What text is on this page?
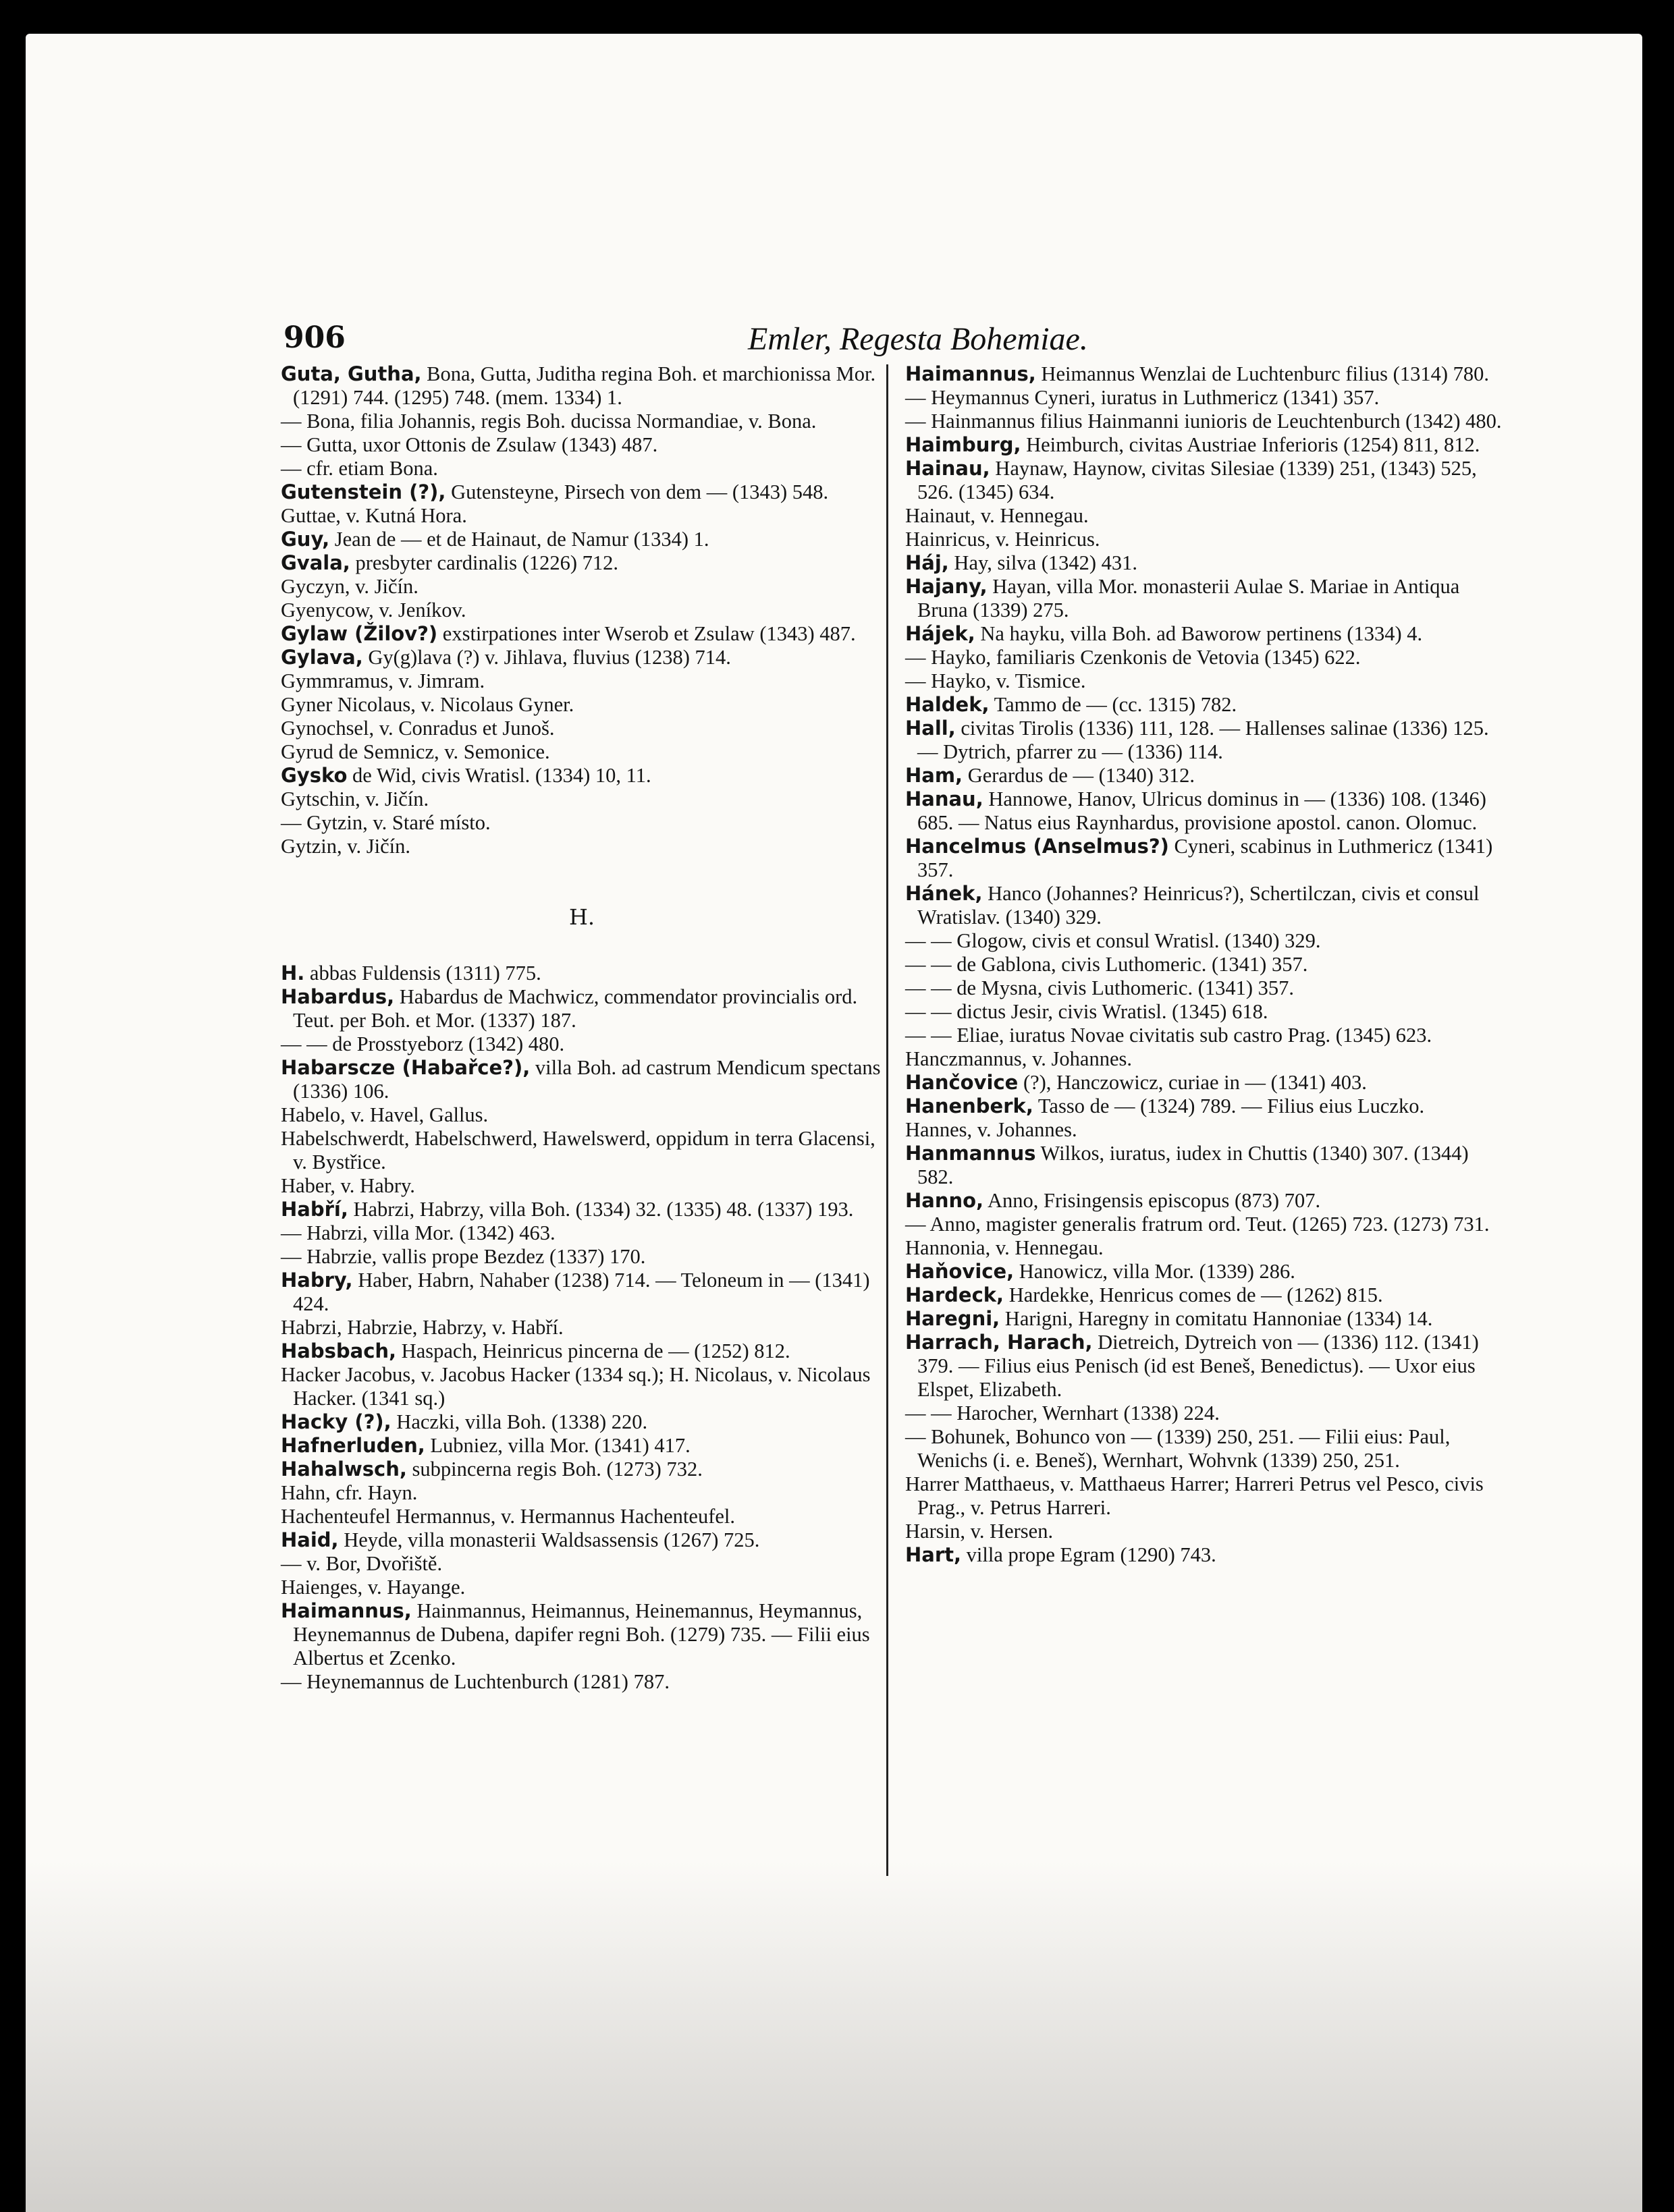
906	Emler, Regesta Bohemiae.

Guta, Gutha, Bona, Gutta, Juditha regina Boh. et marchionissa Mor. (1291) 744. (1295) 748. (mem. 1334) 1.

— Bona, filia Johannis, regis Boh. ducissa Normandiae, v. Bona.

— Gutta, uxor Ottonis de Zsulaw (1343) 487.

— cfr. etiam Bona.

Gutenstein (?), Gutensteyne, Pirsech von dem — (1343) 548.

Guttae, v. Kutná Hora.

Guy, Jean de — et de Hainaut, de Namur (1334) 1.

Gvala, presbyter cardinalis (1226) 712.

Gyczyn, v. Jičín.

Gyenycow, v. Jeníkov.

Gylaw (Žilov?) exstirpationes inter Wserob et Zsulaw (1343) 487.

Gylava, Gy(g)lava (?) v. Jihlava, fluvius (1238) 714.

Gymmramus, v. Jimram.

Gyner Nicolaus, v. Nicolaus Gyner.

Gynochsel, v. Conradus et Junoš.

Gyrud de Semnicz, v. Semonice.

Gysko de Wid, civis Wratisl. (1334) 10, 11.

Gytschin, v. Jičín.

— Gytzin, v. Staré místo.

Gytzin, v. Jičín.

H.

H. abbas Fuldensis (1311) 775.

Habardus, Habardus de Machwicz, commendator provincialis ord. Teut. per Boh. et Mor. (1337) 187.

— — de Prosstyeborz (1342) 480.

Habarscze (Habařce?), villa Boh. ad castrum Mendicum spectans (1336) 106.

Habelo, v. Havel, Gallus.

Habelschwerdt, Habelschwerd, Hawelswerd, oppidum in terra Glacensi, v. Bystřice.

Haber, v. Habry.

Habří, Habrzi, Habrzy, villa Boh. (1334) 32. (1335) 48. (1337) 193.

— Habrzi, villa Mor. (1342) 463.

— Habrzie, vallis prope Bezdez (1337) 170.

Habry, Haber, Habrn, Nahaber (1238) 714. — Teloneum in — (1341) 424.

Habrzi, Habrzie, Habrzy, v. Habří.

Habsbach, Haspach, Heinricus pincerna de — (1252) 812.

Hacker Jacobus, v. Jacobus Hacker (1334 sq.); H. Nicolaus, v. Nicolaus Hacker. (1341 sq.)

Hacky (?), Haczki, villa Boh. (1338) 220.

Hafnerluden, Lubniez, villa Mor. (1341) 417.

Hahalwsch, subpincerna regis Boh. (1273) 732.

Hahn, cfr. Hayn.

Hachenteufel Hermannus, v. Hermannus Hachenteufel.

Haid, Heyde, villa monasterii Waldsassensis (1267) 725.

— v. Bor, Dvořiště.

Haienges, v. Hayange.

Haimannus, Hainmannus, Heimannus, Heinemannus, Heymannus, Heynemannus de Dubena, dapifer regni Boh. (1279) 735. — Filii eius Albertus et Zcenko.

— Heynemannus de Luchtenburch (1281) 787.

Haimannus, Heimannus Wenzlai de Luchtenburc filius (1314) 780.

— Heymannus Cyneri, iuratus in Luthmericz (1341) 357.

— Hainmannus filius Hainmanni iunioris de Leuchtenburch (1342) 480.

Haimburg, Heimburch, civitas Austriae Inferioris (1254) 811, 812.

Hainau, Haynaw, Haynow, civitas Silesiae (1339) 251, (1343) 525, 526. (1345) 634.

Hainaut, v. Hennegau.

Hainricus, v. Heinricus.

Háj, Hay, silva (1342) 431.

Hajany, Hayan, villa Mor. monasterii Aulae S. Mariae in Antiqua Bruna (1339) 275.

Hájek, Na hayku, villa Boh. ad Baworow pertinens (1334) 4.

— Hayko, familiaris Czenkonis de Vetovia (1345) 622.

— Hayko, v. Tismice.

Haldek, Tammo de — (cc. 1315) 782.

Hall, civitas Tirolis (1336) 111, 128. — Hallenses salinae (1336) 125. — Dytrich, pfarrer zu — (1336) 114.

Ham, Gerardus de — (1340) 312.

Hanau, Hannowe, Hanov, Ulricus dominus in — (1336) 108. (1346) 685. — Natus eius Raynhardus, provisione apostol. canon. Olomuc.

Hancelmus (Anselmus?) Cyneri, scabinus in Luthmericz (1341) 357.

Hánek, Hanco (Johannes? Heinricus?), Schertilczan, civis et consul Wratislav. (1340) 329.

— — Glogow, civis et consul Wratisl. (1340) 329.

— — de Gablona, civis Luthomeric. (1341) 357.

— — de Mysna, civis Luthomeric. (1341) 357.

— — dictus Jesir, civis Wratisl. (1345) 618.

— — Eliae, iuratus Novae civitatis sub castro Prag. (1345) 623.

Hanczmannus, v. Johannes.

Hančovice (?), Hanczowicz, curiae in — (1341) 403.

Hanenberk, Tasso de — (1324) 789. — Filius eius Luczko.

Hannes, v. Johannes.

Hanmannus Wilkos, iuratus, iudex in Chuttis (1340) 307. (1344) 582.

Hanno, Anno, Frisingensis episcopus (873) 707.

— Anno, magister generalis fratrum ord. Teut. (1265) 723. (1273) 731.

Hannonia, v. Hennegau.

Haňovice, Hanowicz, villa Mor. (1339) 286.

Hardeck, Hardekke, Henricus comes de — (1262) 815.

Haregni, Harigni, Haregny in comitatu Hannoniae (1334) 14.

Harrach, Harach, Dietreich, Dytreich von — (1336) 112. (1341) 379. — Filius eius Penisch (id est Beneš, Benedictus). — Uxor eius Elspet, Elizabeth.

— — Harocher, Wernhart (1338) 224.

— Bohunek, Bohunco von — (1339) 250, 251. — Filii eius: Paul, Wenichs (i. e. Beneš), Wernhart, Wohvnk (1339) 250, 251.

Harrer Matthaeus, v. Matthaeus Harrer; Harreri Petrus vel Pesco, civis Prag., v. Petrus Harreri.

Harsin, v. Hersen.

Hart, villa prope Egram (1290) 743.
